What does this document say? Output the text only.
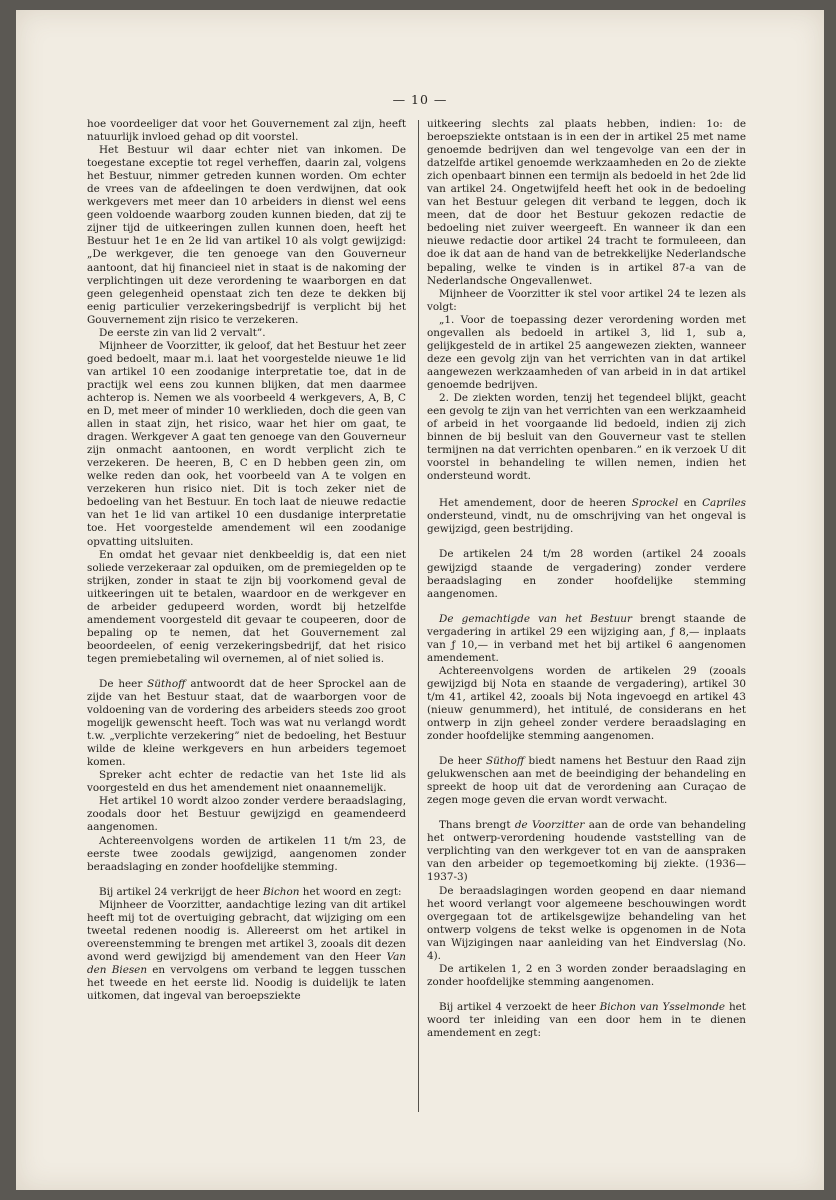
— 10 —

hoe voordeeliger dat voor het Gouvernement zal zijn, heeft natuurlijk invloed gehad op dit voorstel.

Het Bestuur wil daar echter niet van inkomen. De toegestane exceptie tot regel verheffen, daarin zal, volgens het Bestuur, nimmer getreden kunnen worden. Om echter de vrees van de afdeelingen te doen verdwijnen, dat ook werkgevers met meer dan 10 arbeiders in dienst wel eens geen voldoende waarborg zouden kunnen bieden, dat zij te zijner tijd de uitkeeringen zullen kunnen doen, heeft het Bestuur het 1e en 2e lid van artikel 10 als volgt gewijzigd: „De werkgever, die ten genoege van den Gouverneur aantoont, dat hij financieel niet in staat is de nakoming der verplichtingen uit deze verordening te waarborgen en dat geen gelegenheid openstaat zich ten deze te dekken bij eenig particulier verzekeringsbedrijf is verplicht bij het Gouvernement zijn risico te verzekeren.

De eerste zin van lid 2 vervalt”.

Mijnheer de Voorzitter, ik geloof, dat het Bestuur het zeer goed bedoelt, maar m.i. laat het voorgestelde nieuwe 1e lid van artikel 10 een zoodanige interpretatie toe, dat in de practijk wel eens zou kunnen blijken, dat men daarmee achterop is. Nemen we als voorbeeld 4 werkgevers, A, B, C en D, met meer of minder 10 werklieden, doch die geen van allen in staat zijn, het risico, waar het hier om gaat, te dragen. Werkgever A gaat ten genoege van den Gouverneur zijn onmacht aantoonen, en wordt verplicht zich te verzekeren. De heeren, B, C en D hebben geen zin, om welke reden dan ook, het voorbeeld van A te volgen en verzekeren hun risico niet. Dit is toch zeker niet de bedoeling van het Bestuur. En toch laat de nieuwe redactie van het 1e lid van artikel 10 een dusdanige interpretatie toe. Het voorgestelde amendement wil een zoodanige opvatting uitsluiten.

En omdat het gevaar niet denkbeeldig is, dat een niet soliede verzekeraar zal opduiken, om de premiegelden op te strijken, zonder in staat te zijn bij voorkomend geval de uitkeeringen uit te betalen, waardoor en de werkgever en de arbeider gedupeerd worden, wordt bij hetzelfde amendement voorgesteld dit gevaar te coupeeren, door de bepaling op te nemen, dat het Gouvernement zal beoordeelen, of eenig verzekeringsbedrijf, dat het risico tegen premiebetaling wil overnemen, al of niet solied is.

De heer Süthoff antwoordt dat de heer Sprockel aan de zijde van het Bestuur staat, dat de waarborgen voor de voldoening van de vordering des arbeiders steeds zoo groot mogelijk gewenscht heeft. Toch was wat nu verlangd wordt t.w. „verplichte verzekering” niet de bedoeling, het Bestuur wilde de kleine werkgevers en hun arbeiders tegemoet komen.

Spreker acht echter de redactie van het 1ste lid als voorgesteld en dus het amendement niet onaannemelijk.

Het artikel 10 wordt alzoo zonder verdere beraadslaging, zoodals door het Bestuur gewijzigd en geamendeerd aangenomen.

Achtereenvolgens worden de artikelen 11 t/m 23, de eerste twee zoodals gewijzigd, aangenomen zonder beraadslaging en zonder hoofdelijke stemming.

Bij artikel 24 verkrijgt de heer Bichon het woord en zegt:

Mijnheer de Voorzitter, aandachtige lezing van dit artikel heeft mij tot de overtuiging gebracht, dat wijziging om een tweetal redenen noodig is. Allereerst om het artikel in overeenstemming te brengen met artikel 3, zooals dit dezen avond werd gewijzigd bij amendement van den Heer Van den Biesen en vervolgens om verband te leggen tusschen het tweede en het eerste lid. Noodig is duidelijk te laten uitkomen, dat ingeval van beroepsziekte

uitkeering slechts zal plaats hebben, indien: 1o: de beroepsziekte ontstaan is in een der in artikel 25 met name genoemde bedrijven dan wel tengevolge van een der in datzelfde artikel genoemde werkzaamheden en 2o de ziekte zich openbaart binnen een termijn als bedoeld in het 2de lid van artikel 24. Ongetwijfeld heeft het ook in de bedoeling van het Bestuur gelegen dit verband te leggen, doch ik meen, dat de door het Bestuur gekozen redactie de bedoeling niet zuiver weergeeft. En wanneer ik dan een nieuwe redactie door artikel 24 tracht te formuleeen, dan doe ik dat aan de hand van de betrekkelijke Nederlandsche bepaling, welke te vinden is in artikel 87-a van de Nederlandsche Ongevallenwet.

Mijnheer de Voorzitter ik stel voor artikel 24 te lezen als volgt:

„1. Voor de toepassing dezer verordening worden met ongevallen als bedoeld in artikel 3, lid 1, sub a, gelijkgesteld de in artikel 25 aangewezen ziekten, wanneer deze een gevolg zijn van het verrichten van in dat artikel aangewezen werkzaamheden of van arbeid in in dat artikel genoemde bedrijven.

2. De ziekten worden, tenzij het tegendeel blijkt, geacht een gevolg te zijn van het verrichten van een werkzaamheid of arbeid in het voorgaande lid bedoeld, indien zij zich binnen de bij besluit van den Gouverneur vast te stellen termijnen na dat verrichten openbaren.” en ik verzoek U dit voorstel in behandeling te willen nemen, indien het ondersteund wordt.

Het amendement, door de heeren Sprockel en Capriles ondersteund, vindt, nu de omschrijving van het ongeval is gewijzigd, geen bestrijding.

De artikelen 24 t/m 28 worden (artikel 24 zooals gewijzigd staande de vergadering) zonder verdere beraadslaging en zonder hoofdelijke stemming aangenomen.

De gemachtigde van het Bestuur brengt staande de vergadering in artikel 29 een wijziging aan, ƒ 8,— inplaats van ƒ 10,— in verband met het bij artikel 6 aangenomen amendement.

Achtereenvolgens worden de artikelen 29 (zooals gewijzigd bij Nota en staande de vergadering), artikel 30 t/m 41, artikel 42, zooals bij Nota ingevoegd en artikel 43 (nieuw genummerd), het intitulé, de considerans en het ontwerp in zijn geheel zonder verdere beraadslaging en zonder hoofdelijke stemming aangenomen.

De heer Süthoff biedt namens het Bestuur den Raad zijn gelukwenschen aan met de beeindiging der behandeling en spreekt de hoop uit dat de verordening aan Curaçao de zegen moge geven die ervan wordt verwacht.

Thans brengt de Voorzitter aan de orde van behandeling het ontwerp-verordening houdende vaststelling van de verplichting van den werkgever tot en van de aanspraken van den arbeider op tegemoetkoming bij ziekte. (1936—1937-3)

De beraadslagingen worden geopend en daar niemand het woord verlangt voor algemeene beschouwingen wordt overgegaan tot de artikelsgewijze behandeling van het ontwerp volgens de tekst welke is opgenomen in de Nota van Wijzigingen naar aanleiding van het Eindverslag (No. 4).

De artikelen 1, 2 en 3 worden zonder beraadslaging en zonder hoofdelijke stemming aangenomen.

Bij artikel 4 verzoekt de heer Bichon van Ysselmonde het woord ter inleiding van een door hem in te dienen amendement en zegt:
